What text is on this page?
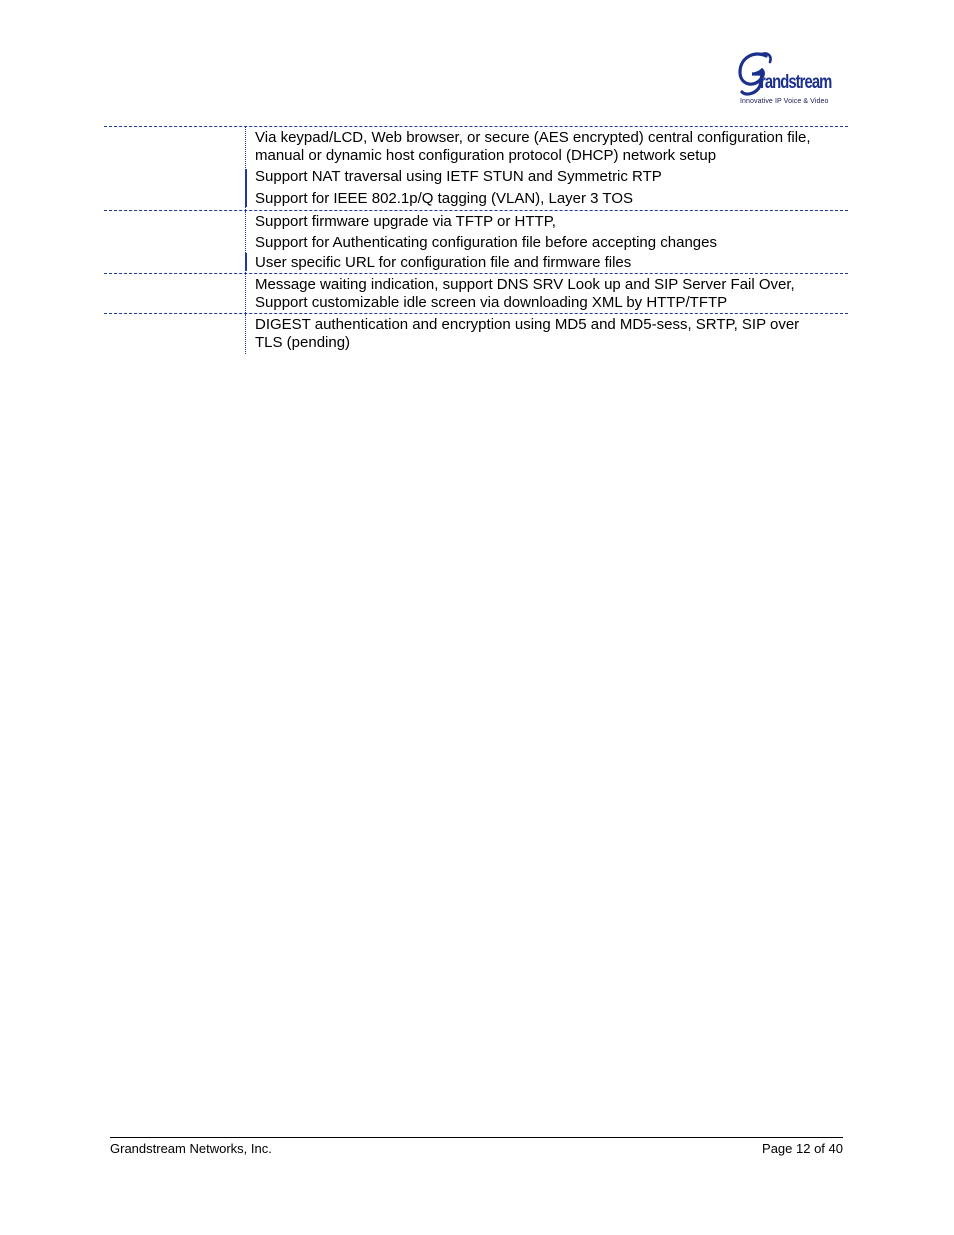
randstream
Innovative IP Voice & Video
Via keypad/LCD, Web browser, or secure (AES encrypted) central configuration file,
manual or dynamic host configuration protocol (DHCP) network setup
Support NAT traversal using IETF STUN and Symmetric RTP
Support for IEEE 802.1p/Q tagging (VLAN), Layer 3 TOS
Support firmware upgrade via TFTP or HTTP,
Support for Authenticating configuration file before accepting changes
User specific URL for configuration file and firmware files
Message waiting indication, support DNS SRV Look up and SIP Server Fail Over,
Support customizable idle screen via downloading XML by HTTP/TFTP
DIGEST authentication and encryption using MD5 and MD5-sess, SRTP, SIP over
TLS (pending)
Grandstream Networks, Inc.	Page 12 of 40
